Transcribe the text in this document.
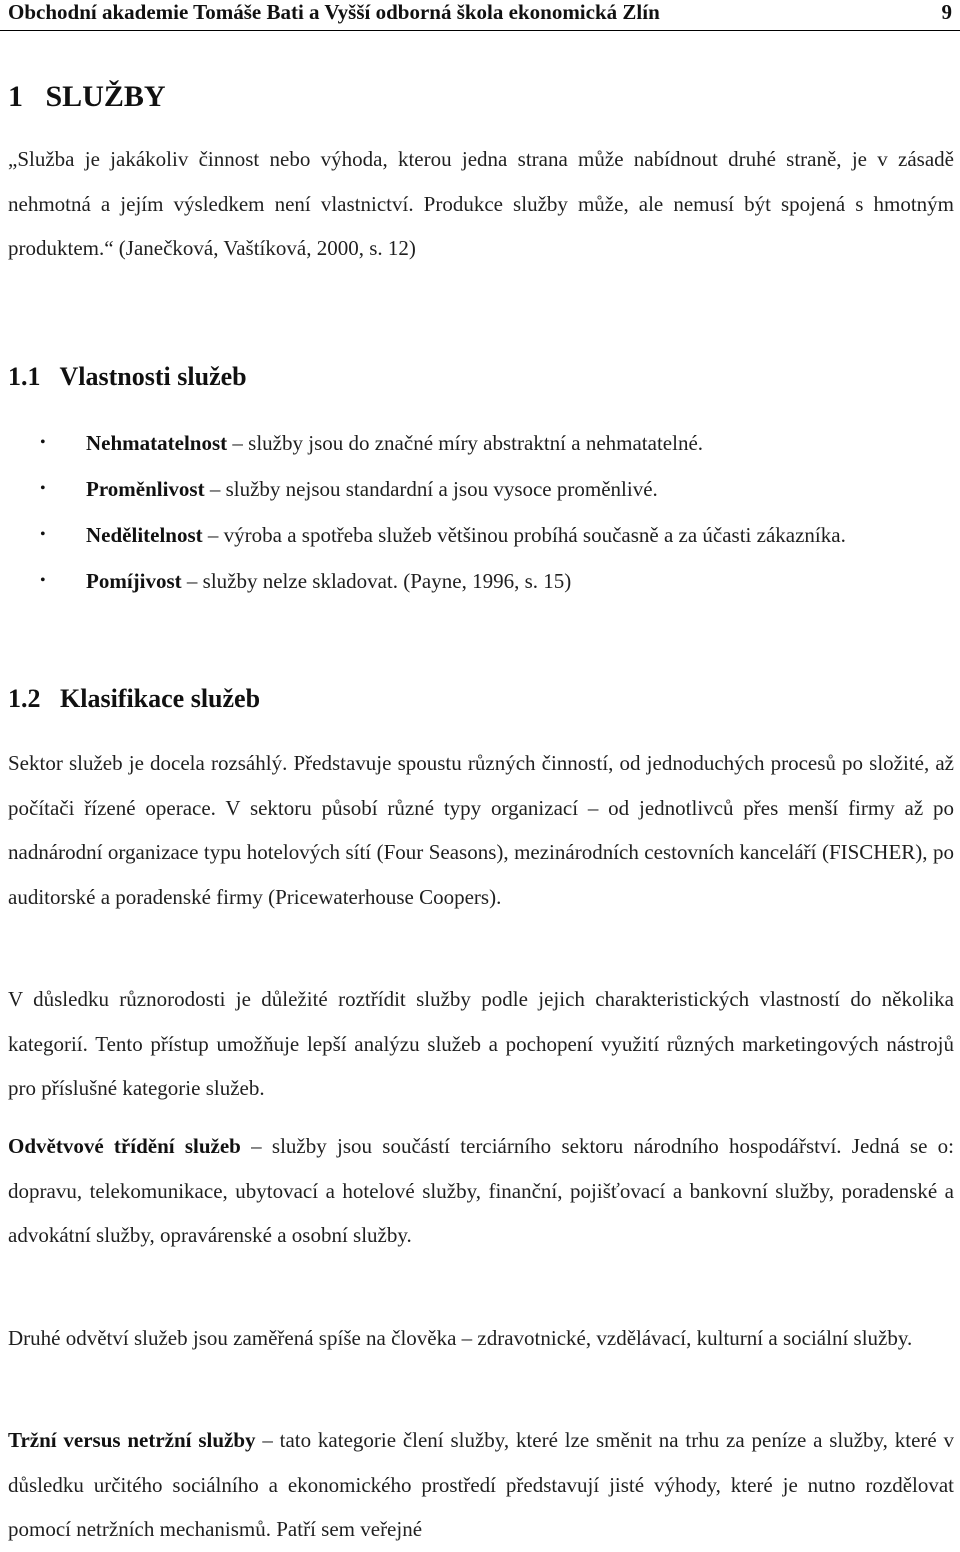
Obchodní akademie Tomáše Bati a Vyšší odborná škola ekonomická Zlín	9
1   SLUŽBY

„Služba je jakákoliv činnost nebo výhoda, kterou jedna strana může nabídnout druhé straně, je v zásadě nehmotná a jejím výsledkem není vlastnictví. Produkce služby může, ale nemusí být spojená s hmotným produktem.“ (Janečková, Vaštíková, 2000, s. 12)

1.1   Vlastnosti služeb
• Nehmatatelnost – služby jsou do značné míry abstraktní a nehmatatelné.
• Proměnlivost – služby nejsou standardní a jsou vysoce proměnlivé.
• Nedělitelnost – výroba a spotřeba služeb většinou probíhá současně a za účasti zákazníka.
• Pomíjivost – služby nelze skladovat. (Payne, 1996, s. 15)
1.2   Klasifikace služeb

Sektor služeb je docela rozsáhlý. Představuje spoustu různých činností, od jednoduchých procesů po složité, až počítači řízené operace. V sektoru působí různé typy organizací – od jednotlivců přes menší firmy až po nadnárodní organizace typu hotelových sítí (Four Seasons), mezinárodních cestovních kanceláří (FISCHER), po auditorské a poradenské firmy (Pricewaterhouse Coopers).

V důsledku různorodosti je důležité roztřídit služby podle jejich charakteristických vlastností do několika kategorií. Tento přístup umožňuje lepší analýzu služeb a pochopení využití různých marketingových nástrojů pro příslušné kategorie služeb.

Odvětvové třídění služeb – služby jsou součástí terciárního sektoru národního hospodářství. Jedná se o: dopravu, telekomunikace, ubytovací a hotelové služby, finanční, pojišťovací a bankovní služby, poradenské a advokátní služby, opravárenské a osobní služby.

Druhé odvětví služeb jsou zaměřená spíše na člověka – zdravotnické, vzdělávací, kulturní a sociální služby.

Tržní versus netržní služby – tato kategorie člení služby, které lze směnit na trhu za peníze a služby, které v důsledku určitého sociálního a ekonomického prostředí představují jisté výhody, které je nutno rozdělovat pomocí netržních mechanismů. Patří sem veřejné
